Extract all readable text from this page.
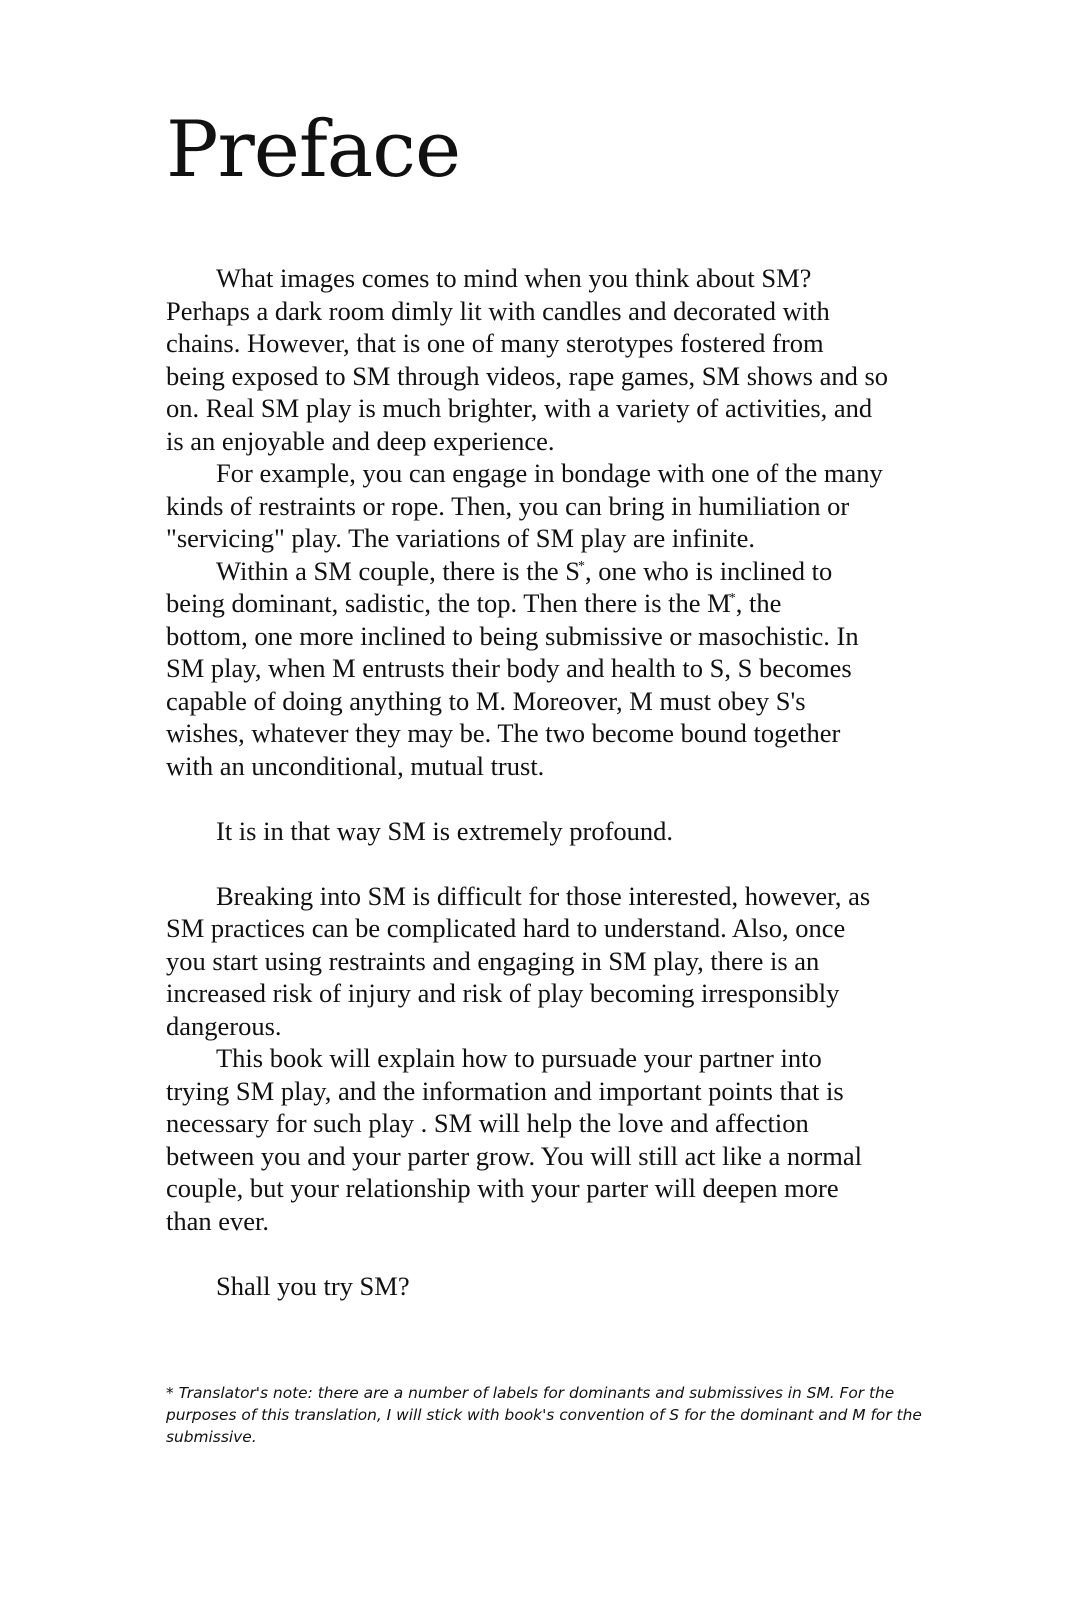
Preface
What images comes to mind when you think about SM?
Perhaps a dark room dimly lit with candles and decorated with
chains. However, that is one of many sterotypes fostered from
being exposed to SM through videos, rape games, SM shows and so
on. Real SM play is much brighter, with a variety of activities, and
is an enjoyable and deep experience.
For example, you can engage in bondage with one of the many
kinds of restraints or rope. Then, you can bring in humiliation or
"servicing" play. The variations of SM play are infinite.
Within a SM couple, there is the S*, one who is inclined to
being dominant, sadistic, the top. Then there is the M*, the
bottom, one more inclined to being submissive or masochistic. In
SM play, when M entrusts their body and health to S, S becomes
capable of doing anything to M. Moreover, M must obey S's
wishes, whatever they may be. The two become bound together
with an unconditional, mutual trust.
It is in that way SM is extremely profound.
Breaking into SM is difficult for those interested, however, as
SM practices can be complicated hard to understand. Also, once
you start using restraints and engaging in SM play, there is an
increased risk of injury and risk of play becoming irresponsibly
dangerous.
This book will explain how to pursuade your partner into
trying SM play, and the information and important points that is
necessary for such play . SM will help the love and affection
between you and your parter grow. You will still act like a normal
couple, but your relationship with your parter will deepen more
than ever.
Shall you try SM?
* Translator's note: there are a number of labels for dominants and submissives in SM. For the purposes of this translation, I will stick with book's convention of S for the dominant and M for the submissive.
